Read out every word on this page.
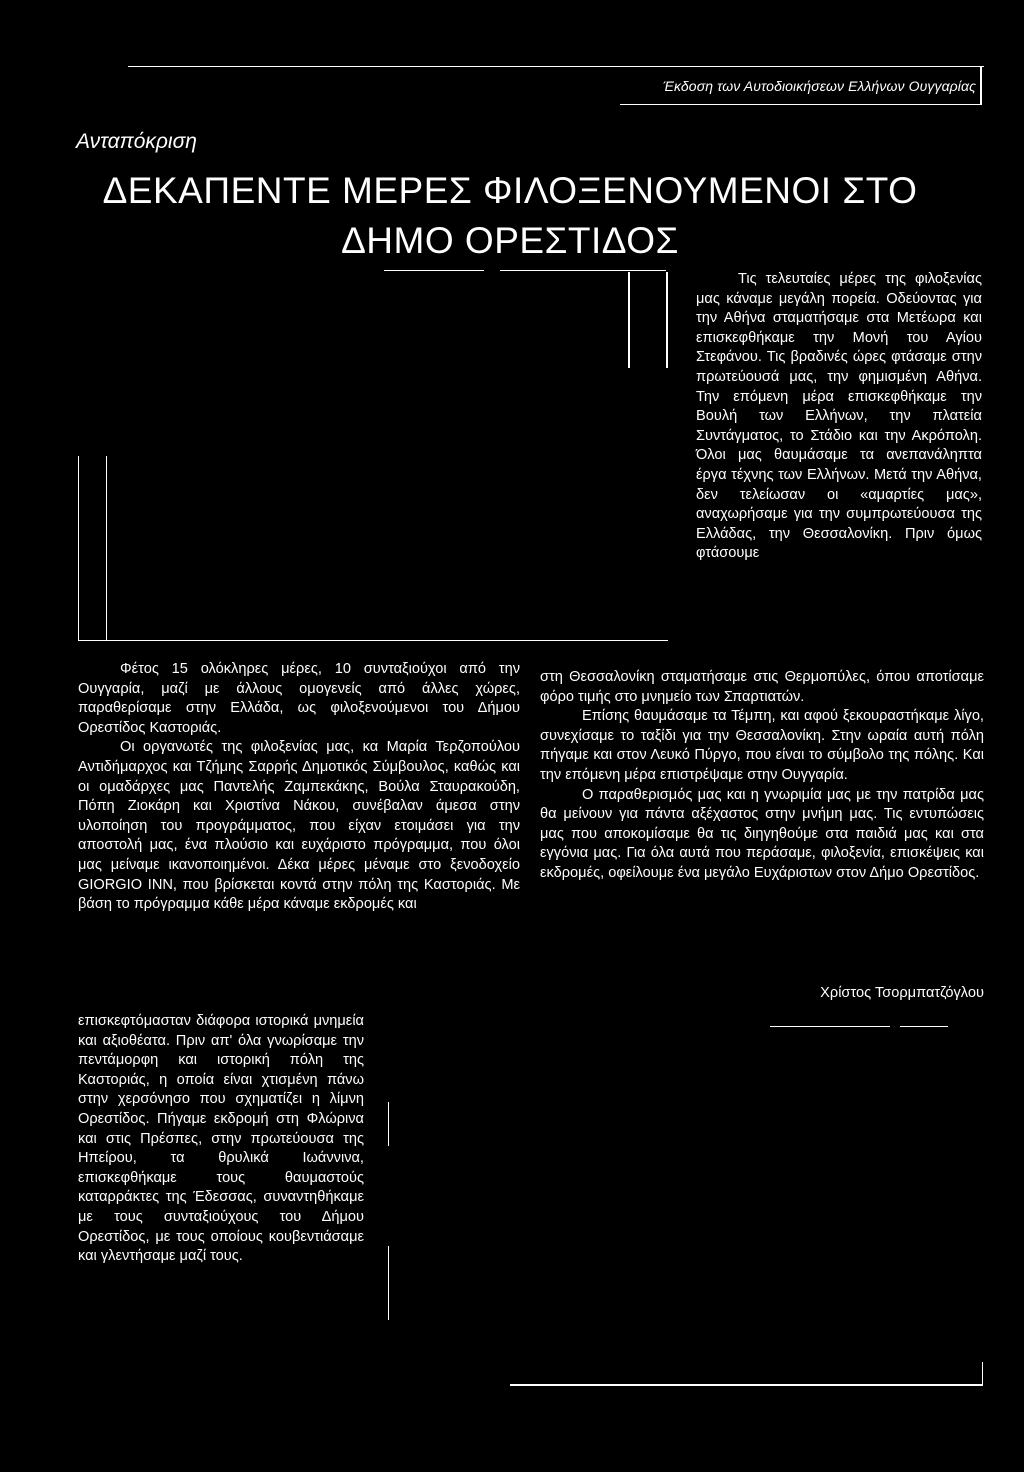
Έκδοση των Αυτοδιοικήσεων Ελλήνων Ουγγαρίας
Ανταπόκριση
ΔΕΚΑΠΕΝΤΕ ΜΕΡΕΣ ΦΙΛΟΞΕΝΟΥΜΕΝΟΙ ΣΤΟ
ΔΗΜΟ ΟΡΕΣΤΙΔΟΣ

Τις τελευταίες μέρες της φιλοξενίας μας κάναμε μεγάλη πορεία. Οδεύοντας για την Αθήνα σταματήσαμε στα Μετέωρα και επισκεφθήκαμε την Μονή του Αγίου Στεφάνου. Τις βραδινές ώρες φτάσαμε στην πρωτεύουσά μας, την φημισμένη Αθήνα. Την επόμενη μέρα επισκεφθήκαμε την Βουλή των Ελλήνων, την πλατεία Συντάγματος, το Στάδιο και την Ακρόπολη. Όλοι μας θαυμάσαμε τα ανεπανάληπτα έργα τέχνης των Ελλήνων. Μετά την Αθήνα, δεν τελείωσαν οι «αμαρτίες μας», αναχωρήσαμε για την συμπρωτεύουσα της Ελλάδας, την Θεσσαλονίκη. Πριν όμως φτάσουμε

Φέτος 15 ολόκληρες μέρες, 10 συνταξιούχοι από την Ουγγαρία, μαζί με άλλους ομογενείς από άλλες χώρες, παραθερίσαμε στην Ελλάδα, ως φιλοξενούμενοι του Δήμου Ορεστίδος Καστοριάς.

Οι οργανωτές της φιλοξενίας μας, κα Μαρία Τερζοπούλου Αντιδήμαρχος και Τζήμης Σαρρής Δημοτικός Σύμβουλος, καθώς και οι ομαδάρχες μας Παντελής Ζαμπεκάκης, Βούλα Σταυρακούδη, Πόπη Ζιοκάρη και Χριστίνα Νάκου, συνέβαλαν άμεσα στην υλοποίηση του προγράμματος, που είχαν ετοιμάσει για την αποστολή μας, ένα πλούσιο και ευχάριστο πρόγραμμα, που όλοι μας μείναμε ικανοποιημένοι. Δέκα μέρες μέναμε στο ξενοδοχείο GIORGIO INN, που βρίσκεται κοντά στην πόλη της Καστοριάς. Με βάση το πρόγραμμα κάθε μέρα κάναμε εκδρομές και

επισκεφτόμασταν διάφορα ιστορικά μνημεία και αξιοθέατα. Πριν απ' όλα γνωρίσαμε την πεντάμορφη και ιστορική πόλη της Καστοριάς, η οποία είναι χτισμένη πάνω στην χερσόνησο που σχηματίζει η λίμνη Ορεστίδος. Πήγαμε εκδρομή στη Φλώρινα και στις Πρέσπες, στην πρωτεύουσα της Ηπείρου, τα θρυλικά Ιωάννινα, επισκεφθήκαμε τους θαυμαστούς καταρράκτες της Έδεσσας, συναντηθήκαμε με τους συνταξιούχους του Δήμου Ορεστίδος, με τους οποίους κουβεντιάσαμε και γλεντήσαμε μαζί τους.

στη Θεσσαλονίκη σταματήσαμε στις Θερμοπύλες, όπου αποτίσαμε φόρο τιμής στο μνημείο των Σπαρτιατών.

Επίσης θαυμάσαμε τα Τέμπη, και αφού ξεκουραστήκαμε λίγο, συνεχίσαμε το ταξίδι για την Θεσσαλονίκη. Στην ωραία αυτή πόλη πήγαμε και στον Λευκό Πύργο, που είναι το σύμβολο της πόλης. Και την επόμενη μέρα επιστρέψαμε στην Ουγγαρία.

Ο παραθερισμός μας και η γνωριμία μας με την πατρίδα μας θα μείνουν για πάντα αξέχαστος στην μνήμη μας. Τις εντυπώσεις μας που αποκομίσαμε θα τις διηγηθούμε στα παιδιά μας και στα εγγόνια μας. Για όλα αυτά που περάσαμε, φιλοξενία, επισκέψεις και εκδρομές, οφείλουμε ένα μεγάλο Ευχάριστων στον Δήμο Ορεστίδος.

Χρίστος Τσορμπατζόγλου
